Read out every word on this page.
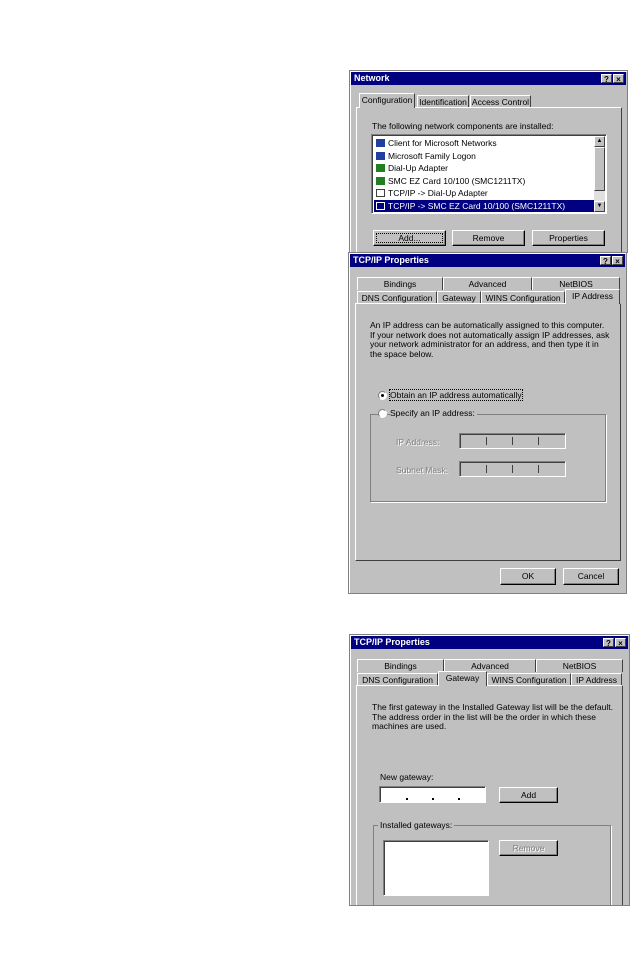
Network	? ×
Configuration Identification Access Control
The following network components are installed:
Client for Microsoft Networks
Microsoft Family Logon
Dial-Up Adapter
SMC EZ Card 10/100 (SMC1211TX)
TCP/IP -> Dial-Up Adapter
TCP/IP -> SMC EZ Card 10/100 (SMC1211TX)
▲
▼
Add...	Remove	Properties
TCP/IP Properties	? ×
Bindings	Advanced	NetBIOS
DNS Configuration	Gateway	WINS Configuration	IP Address
An IP address can be automatically assigned to this computer. If your network does not automatically assign IP addresses, ask your network administrator for an address, and then type it in the space below.
Obtain an IP address automatically
Specify an IP address:
IP Address:
Subnet Mask:
OK	Cancel
TCP/IP Properties	? ×
Bindings	Advanced	NetBIOS
DNS Configuration	Gateway	WINS Configuration	IP Address
The first gateway in the Installed Gateway list will be the default. The address order in the list will be the order in which these machines are used.
New gateway:
Add
Installed gateways:
Remove
